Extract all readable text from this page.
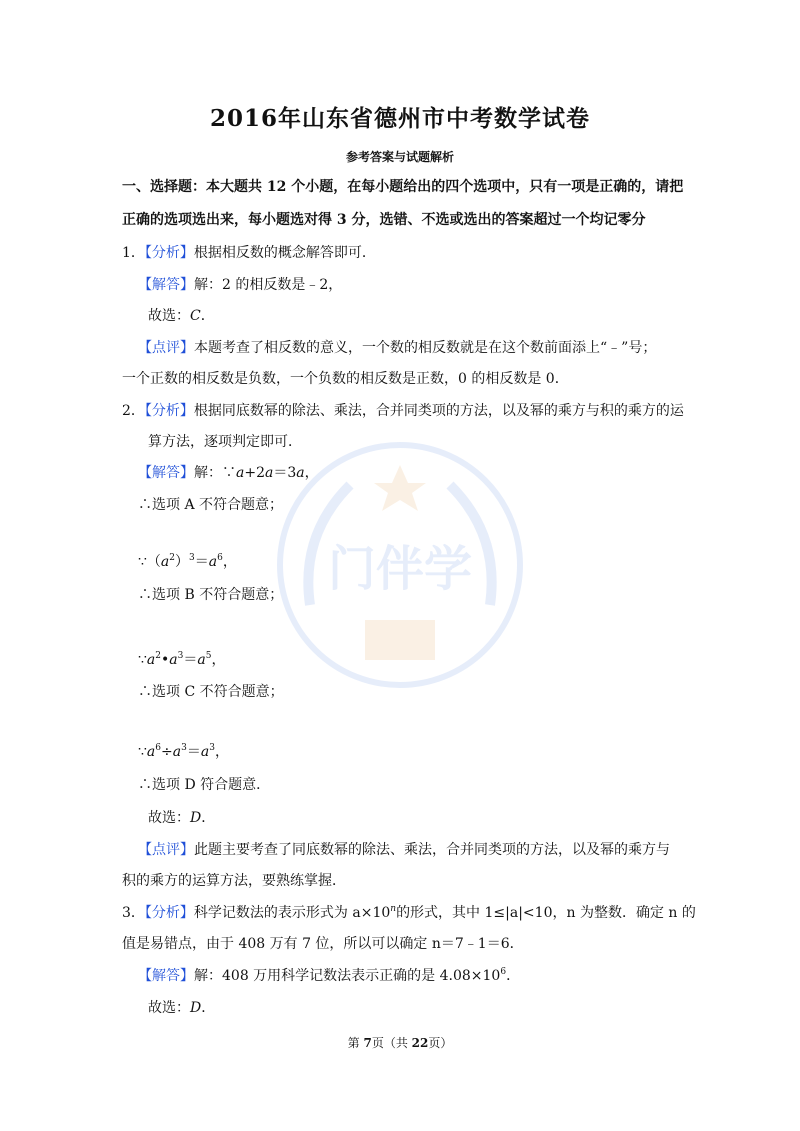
门伴学
2016年山东省德州市中考数学试卷
参考答案与试题解析
一、选择题：本大题共 12 个小题，在每小题给出的四个选项中，只有一项是正确的，请把
正确的选项选出来，每小题选对得 3 分，选错、不选或选出的答案超过一个均记零分
1．【分析】根据相反数的概念解答即可．
【解答】解：2 的相反数是﹣2，
故选：C．
【点评】本题考查了相反数的意义，一个数的相反数就是在这个数前面添上“﹣”号；
一个正数的相反数是负数，一个负数的相反数是正数，0 的相反数是 0．
2．【分析】根据同底数幂的除法、乘法，合并同类项的方法，以及幂的乘方与积的乘方的运
算方法，逐项判定即可．
【解答】解：∵a+2a＝3a，
∴选项 A 不符合题意；
$\because(a^2)^3=a^6$，
∴选项 B 不符合题意；
$\because a^2•a^3=a^5$，
∴选项 C 不符合题意；
$\because a^6\div a^3=a^3$，
∴选项 D 符合题意．
故选：D．
【点评】此题主要考查了同底数幂的除法、乘法，合并同类项的方法，以及幂的乘方与
积的乘方的运算方法，要熟练掌握．
3．【分析】科学记数法的表示形式为 $a\times 10^n$的形式，其中 1≤|a|<10，n 为整数．确定 n 的
值是易错点，由于 408 万有 7 位，所以可以确定 n＝7﹣1＝6．
【解答】解：408 万用科学记数法表示正确的是 $4.08\times 10^6$．
故选：D．
第 7页（共 22页）
